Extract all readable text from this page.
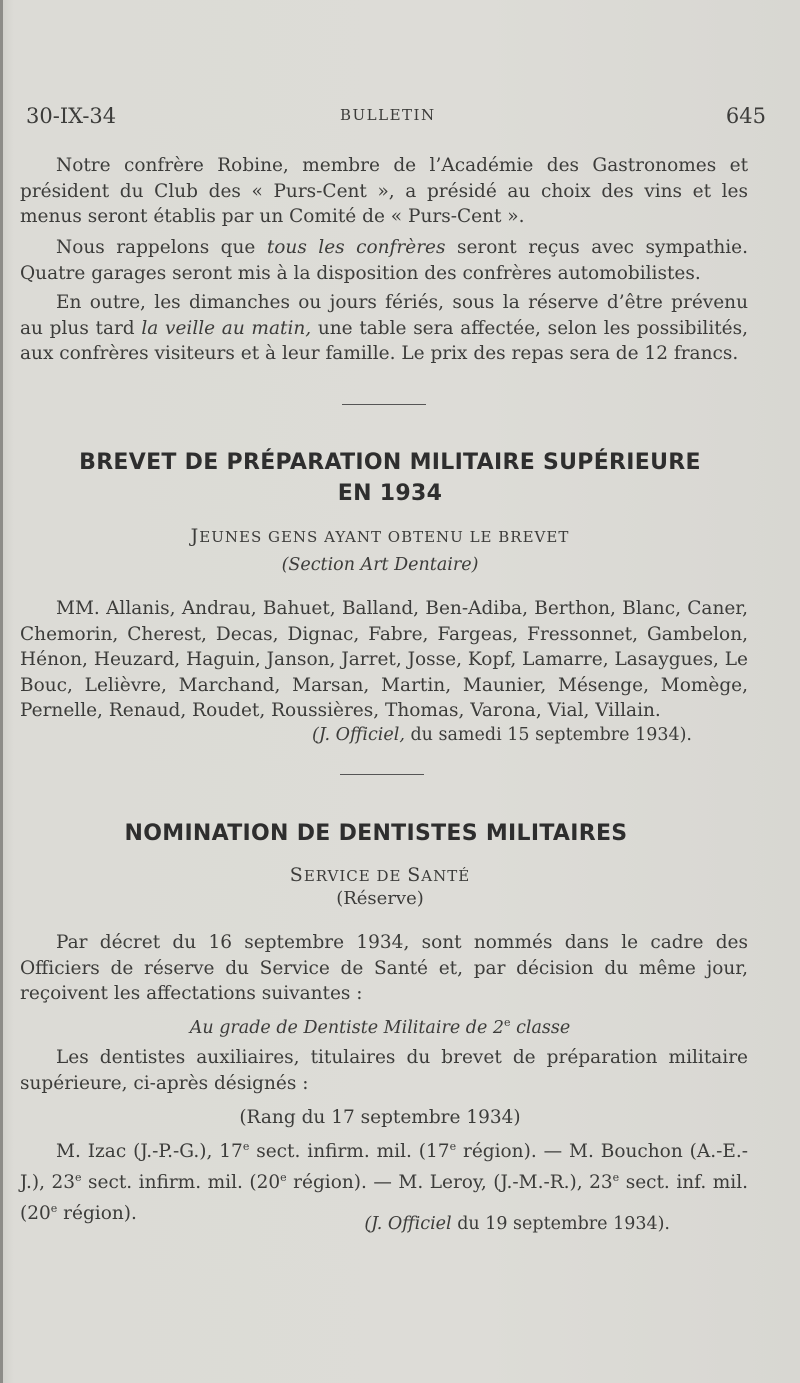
30-IX-34	BULLETIN	645

Notre confrère Robine, membre de l’Académie des Gastronomes et président du Club des « Purs-Cent », a présidé au choix des vins et les menus seront établis par un Comité de « Purs-Cent ».

Nous rappelons que tous les confrères seront reçus avec sympathie. Quatre garages seront mis à la disposition des confrères automobilistes.

En outre, les dimanches ou jours fériés, sous la réserve d’être prévenu au plus tard la veille au matin, une table sera affectée, selon les possibilités, aux confrères visiteurs et à leur famille. Le prix des repas sera de 12 francs.

BREVET DE PRÉPARATION MILITAIRE SUPÉRIEURE
EN 1934
JEUNES GENS AYANT OBTENU LE BREVET
(Section Art Dentaire)

MM. Allanis, Andrau, Bahuet, Balland, Ben-Adiba, Berthon, Blanc, Caner, Chemorin, Cherest, Decas, Dignac, Fabre, Fargeas, Fressonnet, Gambelon, Hénon, Heuzard, Haguin, Janson, Jarret, Josse, Kopf, Lamarre, Lasaygues, Le Bouc, Lelièvre, Marchand, Marsan, Martin, Maunier, Mésenge, Momège, Pernelle, Renaud, Roudet, Roussières, Thomas, Varona, Vial, Villain.

(J. Officiel, du samedi 15 septembre 1934).
NOMINATION DE DENTISTES MILITAIRES
SERVICE DE SANTÉ
(Réserve)

Par décret du 16 septembre 1934, sont nommés dans le cadre des Officiers de réserve du Service de Santé et, par décision du même jour, reçoivent les affectations suivantes :

Au grade de Dentiste Militaire de 2e classe

Les dentistes auxiliaires, titulaires du brevet de préparation militaire supérieure, ci-après désignés :

(Rang du 17 septembre 1934)

M. Izac (J.-P.-G.), 17e sect. infirm. mil. (17e région). — M. Bouchon (A.-E.-J.), 23e sect. infirm. mil. (20e région). — M. Leroy, (J.-M.-R.), 23e sect. inf. mil. (20e région).

(J. Officiel du 19 septembre 1934).
